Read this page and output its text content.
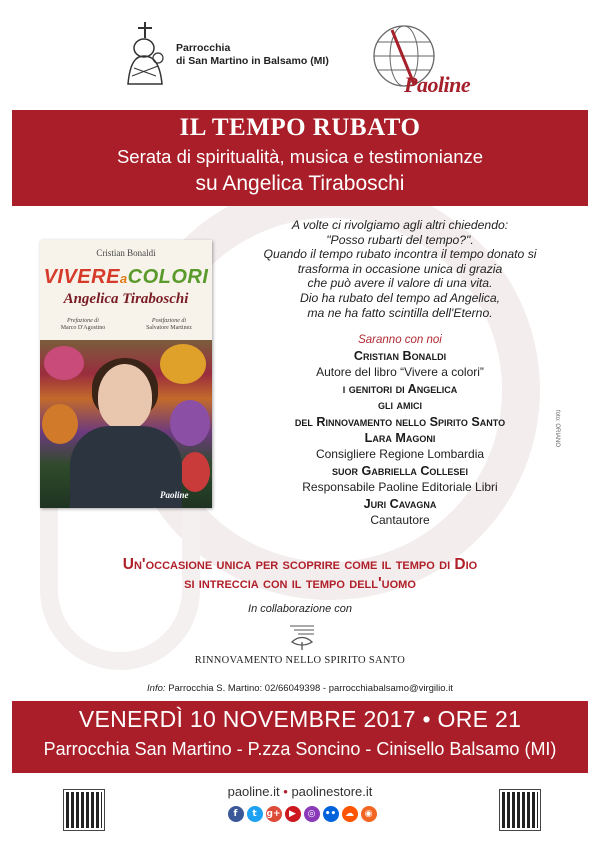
Parrocchia
di San Martino in Balsamo (MI)
Paoline
IL TEMPO RUBATO
Serata di spiritualità, musica e testimonianze
su Angelica Tiraboschi
Cristian Bonaldi
VIVEREaCOLORI
Angelica Tiraboschi
Prefazione di
Marco D'Agostino
Postfazione di
Salvatore Martinez
Paoline
A volte ci rivolgiamo agli altri chiedendo:
"Posso rubarti del tempo?".
Quando il tempo rubato incontra il tempo donato si
trasforma in occasione unica di grazia
che può avere il valore di una vita.
Dio ha rubato del tempo ad Angelica,
ma ne ha fatto scintilla dell'Eterno.
Saranno con noi
Cristian Bonaldi
Autore del libro “Vivere a colori”
i genitori di Angelica
gli amici
del Rinnovamento nello Spirito Santo
Lara Magoni
Consigliere Regione Lombardia
suor Gabriella Collesei
Responsabile Paoline Editoriale Libri
Juri Cavagna
Cantautore
foto: ORIANO
Un'occasione unica per scoprire come il tempo di Dio
si intreccia con il tempo dell'uomo
In collaborazione con
RINNOVAMENTO NELLO SPIRITO SANTO
Info: Parrocchia S. Martino: 02/66049398 - parrocchiabalsamo@virgilio.it
VENERDÌ 10 NOVEMBRE 2017 • ORE 21
Parrocchia San Martino - P.zza Soncino - Cinisello Balsamo (MI)
paoline.it • paolinestore.it
f	t	g+ ▶	◎	•• ☁	◉
